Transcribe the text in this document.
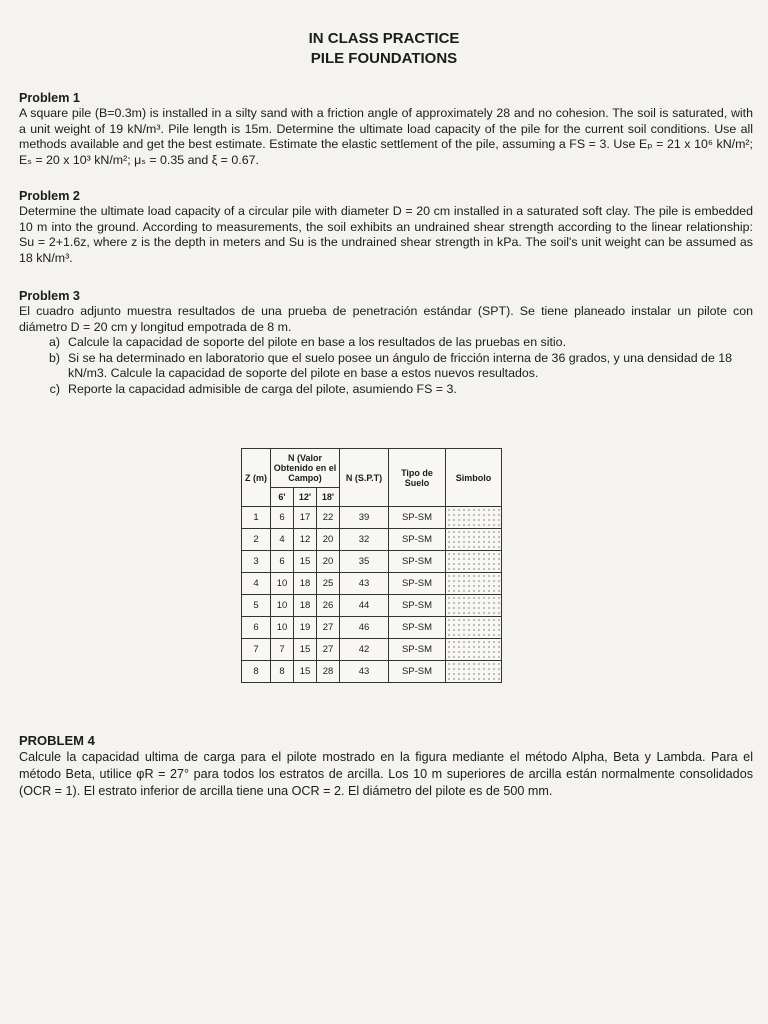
IN CLASS PRACTICE
PILE FOUNDATIONS
Problem 1

A square pile (B=0.3m) is installed in a silty sand with a friction angle of approximately 28 and no cohesion. The soil is saturated, with a unit weight of 19 kN/m³. Pile length is 15m. Determine the ultimate load capacity of the pile for the current soil conditions. Use all methods available and get the best estimate. Estimate the elastic settlement of the pile, assuming a FS = 3. Use Eₚ = 21 x 10⁶ kN/m²; Eₛ = 20 x 10³ kN/m²; μₛ = 0.35 and ξ = 0.67.

Problem 2

Determine the ultimate load capacity of a circular pile with diameter D = 20 cm installed in a saturated soft clay. The pile is embedded 10 m into the ground. According to measurements, the soil exhibits an undrained shear strength according to the linear relationship: Su = 2+1.6z, where z is the depth in meters and Su is the undrained shear strength in kPa. The soil's unit weight can be assumed as 18 kN/m³.

Problem 3

El cuadro adjunto muestra resultados de una prueba de penetración estándar (SPT). Se tiene planeado instalar un pilote con diámetro D = 20 cm y longitud empotrada de 8 m.

a) Calcule la capacidad de soporte del pilote en base a los resultados de las pruebas en sitio.
b) Si se ha determinado en laboratorio que el suelo posee un ángulo de fricción interna de 36 grados, y una densidad de 18 kN/m3. Calcule la capacidad de soporte del pilote en base a estos nuevos resultados.
c) Reporte la capacidad admisible de carga del pilote, asumiendo FS = 3.

Z (m)	N (Valor Obtenido en el Campo)			N (S.P.T)	Tipo de Suelo	Simbolo
	6'	12'	18'			
1	6	17	22	39	SP-SM	
2	4	12	20	32	SP-SM	
3	6	15	20	35	SP-SM	
4	10	18	25	43	SP-SM	
5	10	18	26	44	SP-SM	
6	10	19	27	46	SP-SM	
7	7	15	27	42	SP-SM	
8	8	15	28	43	SP-SM	
PROBLEM 4

Calcule la capacidad ultima de carga para el pilote mostrado en la figura mediante el método Alpha, Beta y Lambda. Para el método Beta, utilice φR = 27° para todos los estratos de arcilla. Los 10 m superiores de arcilla están normalmente consolidados (OCR = 1). El estrato inferior de arcilla tiene una OCR = 2. El diámetro del pilote es de 500 mm.
